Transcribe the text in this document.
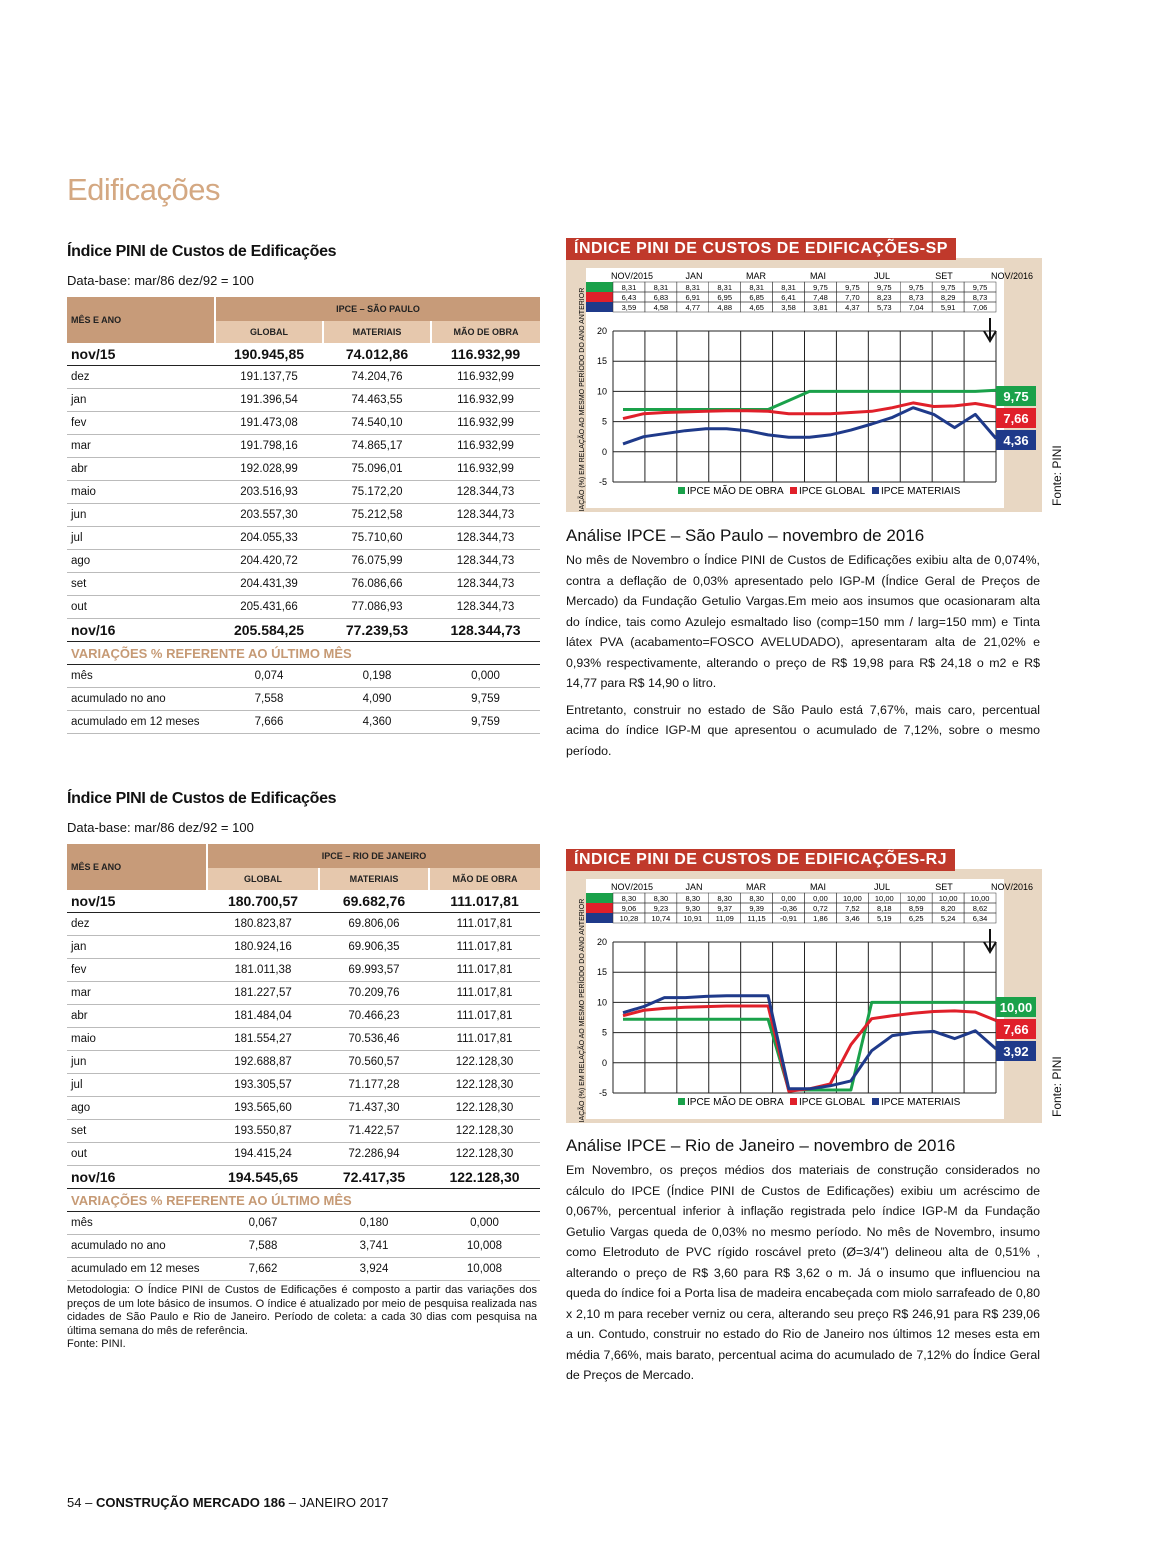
Edificações
Índice PINI de Custos de Edificações
Data-base: mar/86 dez/92 = 100
MÊS E ANO	IPCE – SÃO PAULO		
	GLOBAL	MATERIAIS	MÃO DE OBRA
nov/15	190.945,85	74.012,86	116.932,99
dez	191.137,75	74.204,76	116.932,99
jan	191.396,54	74.463,55	116.932,99
fev	191.473,08	74.540,10	116.932,99
mar	191.798,16	74.865,17	116.932,99
abr	192.028,99	75.096,01	116.932,99
maio	203.516,93	75.172,20	128.344,73
jun	203.557,30	75.212,58	128.344,73
jul	204.055,33	75.710,60	128.344,73
ago	204.420,72	76.075,99	128.344,73
set	204.431,39	76.086,66	128.344,73
out	205.431,66	77.086,93	128.344,73
nov/16	205.584,25	77.239,53	128.344,73
VARIAÇÕES % REFERENTE AO ÚLTIMO MÊS			
mês	0,074	0,198	0,000
acumulado no ano	7,558	4,090	9,759
acumulado em 12 meses	7,666	4,360	9,759
NOV/2015	JAN	MAR	MAI	JUL	SET	NOV/2016
8,31 8,31 8,31 8,31 8,31 8,31 9,75 9,75 9,75 9,75 9,75 9,75
6,43 6,83 6,91 6,95 6,85 6,41 7,48 7,70 8,23 8,73 8,29 8,73
3,59 4,58 4,77 4,88 4,65 3,58 3,81 4,37 5,73 7,04 5,91 7,06
20
15
10
5
0
-5
VARIAÇÃO (%) EM RELAÇÃO AO MESMO PERÍODO DO ANO ANTERIOR	9,75
7,66
4,36
IPCE MÃO DE OBRA IPCE GLOBAL IPCE MATERIAIS
ÍNDICE PINI DE CUSTOS DE EDIFICAÇÕES-SP
Fonte: PINI
Análise IPCE – São Paulo – novembro de 2016

No mês de Novembro o Índice PINI de Custos de Edificações exibiu alta de 0,074%, contra a deflação de 0,03% apresentado pelo IGP-M (Índice Geral de Preços de Mercado) da Fundação Getulio Vargas.Em meio aos insumos que ocasionaram alta do índice, tais como Azulejo esmaltado liso (comp=150 mm / larg=150 mm) e Tinta látex PVA (acabamento=FOSCO AVELUDADO), apresentaram alta de 21,02% e 0,93% respectivamente, alterando o preço de R$ 19,98 para R$ 24,18 o m2 e R$ 14,77 para R$ 14,90 o litro.

Entretanto, construir no estado de São Paulo está 7,67%, mais caro, percentual acima do índice IGP-M que apresentou o acumulado de 7,12%, sobre o mesmo período.

Índice PINI de Custos de Edificações
Data-base: mar/86 dez/92 = 100
MÊS E ANO	IPCE – RIO DE JANEIRO		
	GLOBAL	MATERIAIS	MÃO DE OBRA
nov/15	180.700,57	69.682,76	111.017,81
dez	180.823,87	69.806,06	111.017,81
jan	180.924,16	69.906,35	111.017,81
fev	181.011,38	69.993,57	111.017,81
mar	181.227,57	70.209,76	111.017,81
abr	181.484,04	70.466,23	111.017,81
maio	181.554,27	70.536,46	111.017,81
jun	192.688,87	70.560,57	122.128,30
jul	193.305,57	71.177,28	122.128,30
ago	193.565,60	71.437,30	122.128,30
set	193.550,87	71.422,57	122.128,30
out	194.415,24	72.286,94	122.128,30
nov/16	194.545,65	72.417,35	122.128,30
VARIAÇÕES % REFERENTE AO ÚLTIMO MÊS			
mês	0,067	0,180	0,000
acumulado no ano	7,588	3,741	10,008
acumulado em 12 meses	7,662	3,924	10,008
Metodologia: O Índice PINI de Custos de Edificações é composto a partir das variações dos preços de um lote básico de insumos. O índice é atualizado por meio de pesquisa realizada nas cidades de São Paulo e Rio de Janeiro. Período de coleta: a cada 30 dias com pesquisa na última semana do mês de referência.
Fonte: PINI.
NOV/2015	JAN	MAR	MAI	JUL	SET	NOV/2016
8,30 8,30 8,30 8,30 8,30 0,00 0,00 10,00 10,00 10,00 10,00 10,00
9,06 9,23 9,30 9,37 9,39 -0,36 0,72 7,52 8,18 8,59 8,20 8,62
10,28 10,74 10,91 11,09 11,15 -0,91 1,86 3,46 5,19 6,25 5,24 6,34
20
15
10
5
0
-5
VARIAÇÃO (%) EM RELAÇÃO AO MESMO PERÍODO DO ANO ANTERIOR	10,00
7,66
3,92
IPCE MÃO DE OBRA IPCE GLOBAL IPCE MATERIAIS
ÍNDICE PINI DE CUSTOS DE EDIFICAÇÕES-RJ
Fonte: PINI
Análise IPCE – Rio de Janeiro – novembro de 2016

Em Novembro, os preços médios dos materiais de construção considerados no cálculo do IPCE (Índice PINI de Custos de Edificações) exibiu um acréscimo de 0,067%, percentual inferior à inflação registrada pelo índice IGP-M da Fundação Getulio Vargas queda de 0,03% no mesmo período. No mês de Novembro, insumo como Eletroduto de PVC rígido roscável preto (Ø=3/4”) delineou alta de 0,51% , alterando o preço de R$ 3,60 para R$ 3,62 o m. Já o insumo que influenciou na queda do índice foi a Porta lisa de madeira encabeçada com miolo sarrafeado de 0,80 x 2,10 m para receber verniz ou cera, alterando seu preço R$ 246,91 para R$ 239,06 a un. Contudo, construir no estado do Rio de Janeiro nos últimos 12 meses esta em média 7,66%, mais barato, percentual acima do acumulado de 7,12% do Índice Geral de Preços de Mercado.

54 – CONSTRUÇÃO MERCADO 186 – JANEIRO 2017
